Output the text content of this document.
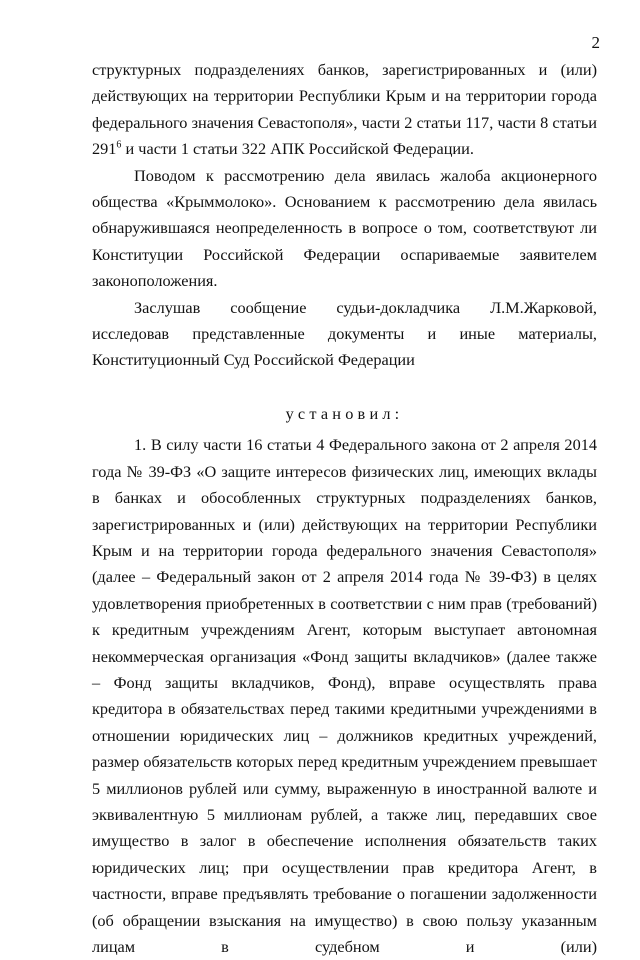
2

структурных подразделениях банков, зарегистрированных и (или) действующих на территории Республики Крым и на территории города федерального значения Севастополя», части 2 статьи 117, части 8 статьи $291^6$ и части 1 статьи 322 АПК Российской Федерации.

Поводом к рассмотрению дела явилась жалоба акционерного общества «Крыммолоко». Основанием к рассмотрению дела явилась обнаружившаяся неопределенность в вопросе о том, соответствуют ли Конституции Российской Федерации оспариваемые заявителем законоположения.

Заслушав сообщение судьи-докладчика Л.М.Жарковой, исследовав представленные документы и иные материалы, Конституционный Суд Российской Федерации

установил:

1. В силу части 16 статьи 4 Федерального закона от 2 апреля 2014 года № 39-ФЗ «О защите интересов физических лиц, имеющих вклады в банках и обособленных структурных подразделениях банков, зарегистрированных и (или) действующих на территории Республики Крым и на территории города федерального значения Севастополя» (далее – Федеральный закон от 2 апреля 2014 года № 39-ФЗ) в целях удовлетворения приобретенных в соответствии с ним прав (требований) к кредитным учреждениям Агент, которым выступает автономная некоммерческая организация «Фонд защиты вкладчиков» (далее также – Фонд защиты вкладчиков, Фонд), вправе осуществлять права кредитора в обязательствах перед такими кредитными учреждениями в отношении юридических лиц – должников кредитных учреждений, размер обязательств которых перед кредитным учреждением превышает 5 миллионов рублей или сумму, выраженную в иностранной валюте и эквивалентную 5 миллионам рублей, а также лиц, передавших свое имущество в залог в обеспечение исполнения обязательств таких юридических лиц; при осуществлении прав кредитора Агент, в частности, вправе предъявлять требование о погашении задолженности (об обращении взыскания на имущество) в свою пользу указанным лицам в судебном и (или)
